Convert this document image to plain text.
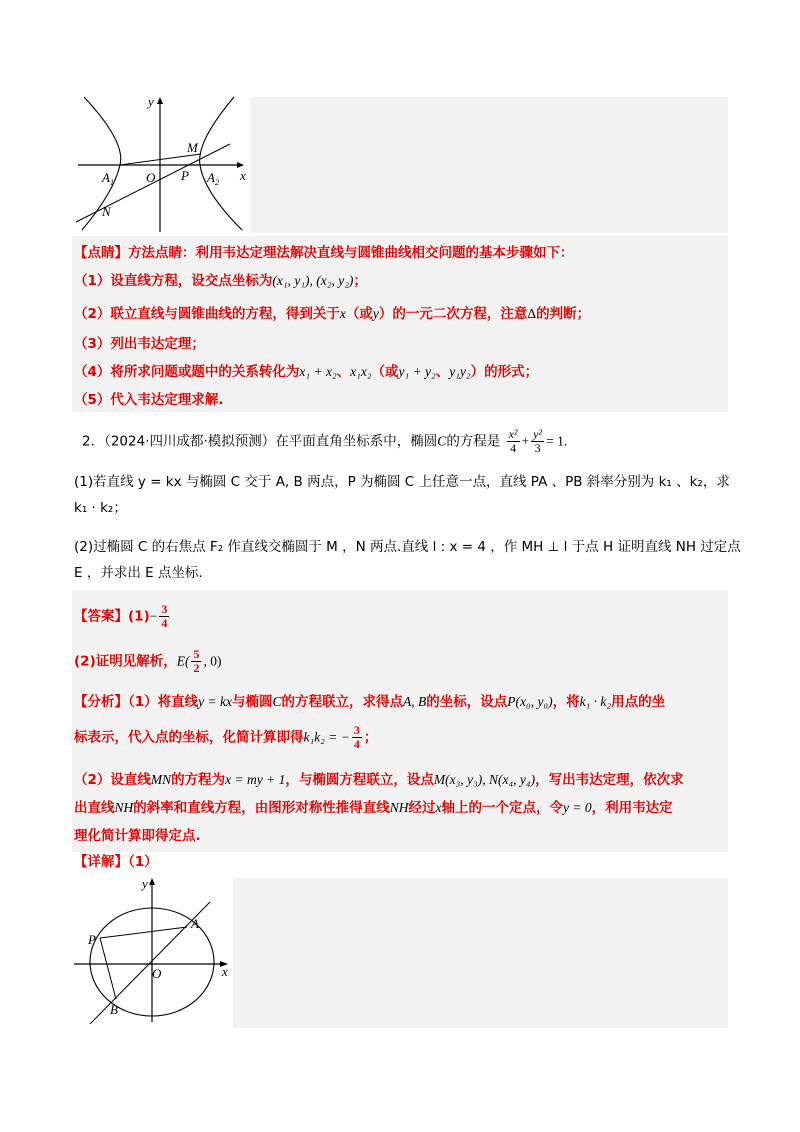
y
x
M
O P
$A_1$	$A_2$
N
【点睛】方法点睛：利用韦达定理法解决直线与圆锥曲线相交问题的基本步骤如下：
（1）设直线方程，设交点坐标为(x₁, y₁), (x₂, y₂)；
（2）联立直线与圆锥曲线的方程，得到关于x（或y）的一元二次方程，注意Δ的判断；
（3）列出韦达定理；
（4）将所求问题或题中的关系转化为x₁ + x₂、x₁x₂（或y₁ + y₂、y₁y₂）的形式；
（5）代入韦达定理求解.
2．（2024·四川成都·模拟预测）在平面直角坐标系中，椭圆C的方程是 $\frac{\text{x²}}{4} + \frac{\text{y²}}{3} = 1$.
(1)若直线 y = kx 与椭圆 C 交于 A, B 两点，P 为椭圆 C 上任意一点，直线 PA 、PB 斜率分别为 k₁ 、k₂，求
k₁ · k₂；
(2)过椭圆 C 的右焦点 F₂ 作直线交椭圆于 M ，N 两点.直线 l : x = 4 ，作 MH ⊥ l 于点 H 证明直线 NH 过定点
E ，并求出 E 点坐标.
【答案】$(1)- \frac{3}{4}$
(2)证明见解析，$E( \frac{5}{2}$ , 0)
【分析】（1）将直线y = kx与椭圆C的方程联立，求得点A, B的坐标，设点P(x₀, y₀)，将k₁ · k₂用点的坐
标表示，代入点的坐标，化简计算即得k₁k₂ = − $\frac{3}{4}$ ；
（2）设直线MN的方程为x = my + 1，与椭圆方程联立，设点M(x₃, y₃), N(x₄, y₄)，写出韦达定理，依次求
出直线NH的斜率和直线方程，由图形对称性推得直线NH经过x轴上的一个定点，令y = 0，利用韦达定
理化简计算即得定点.
【详解】（1）
y
x
A
P
O
B
